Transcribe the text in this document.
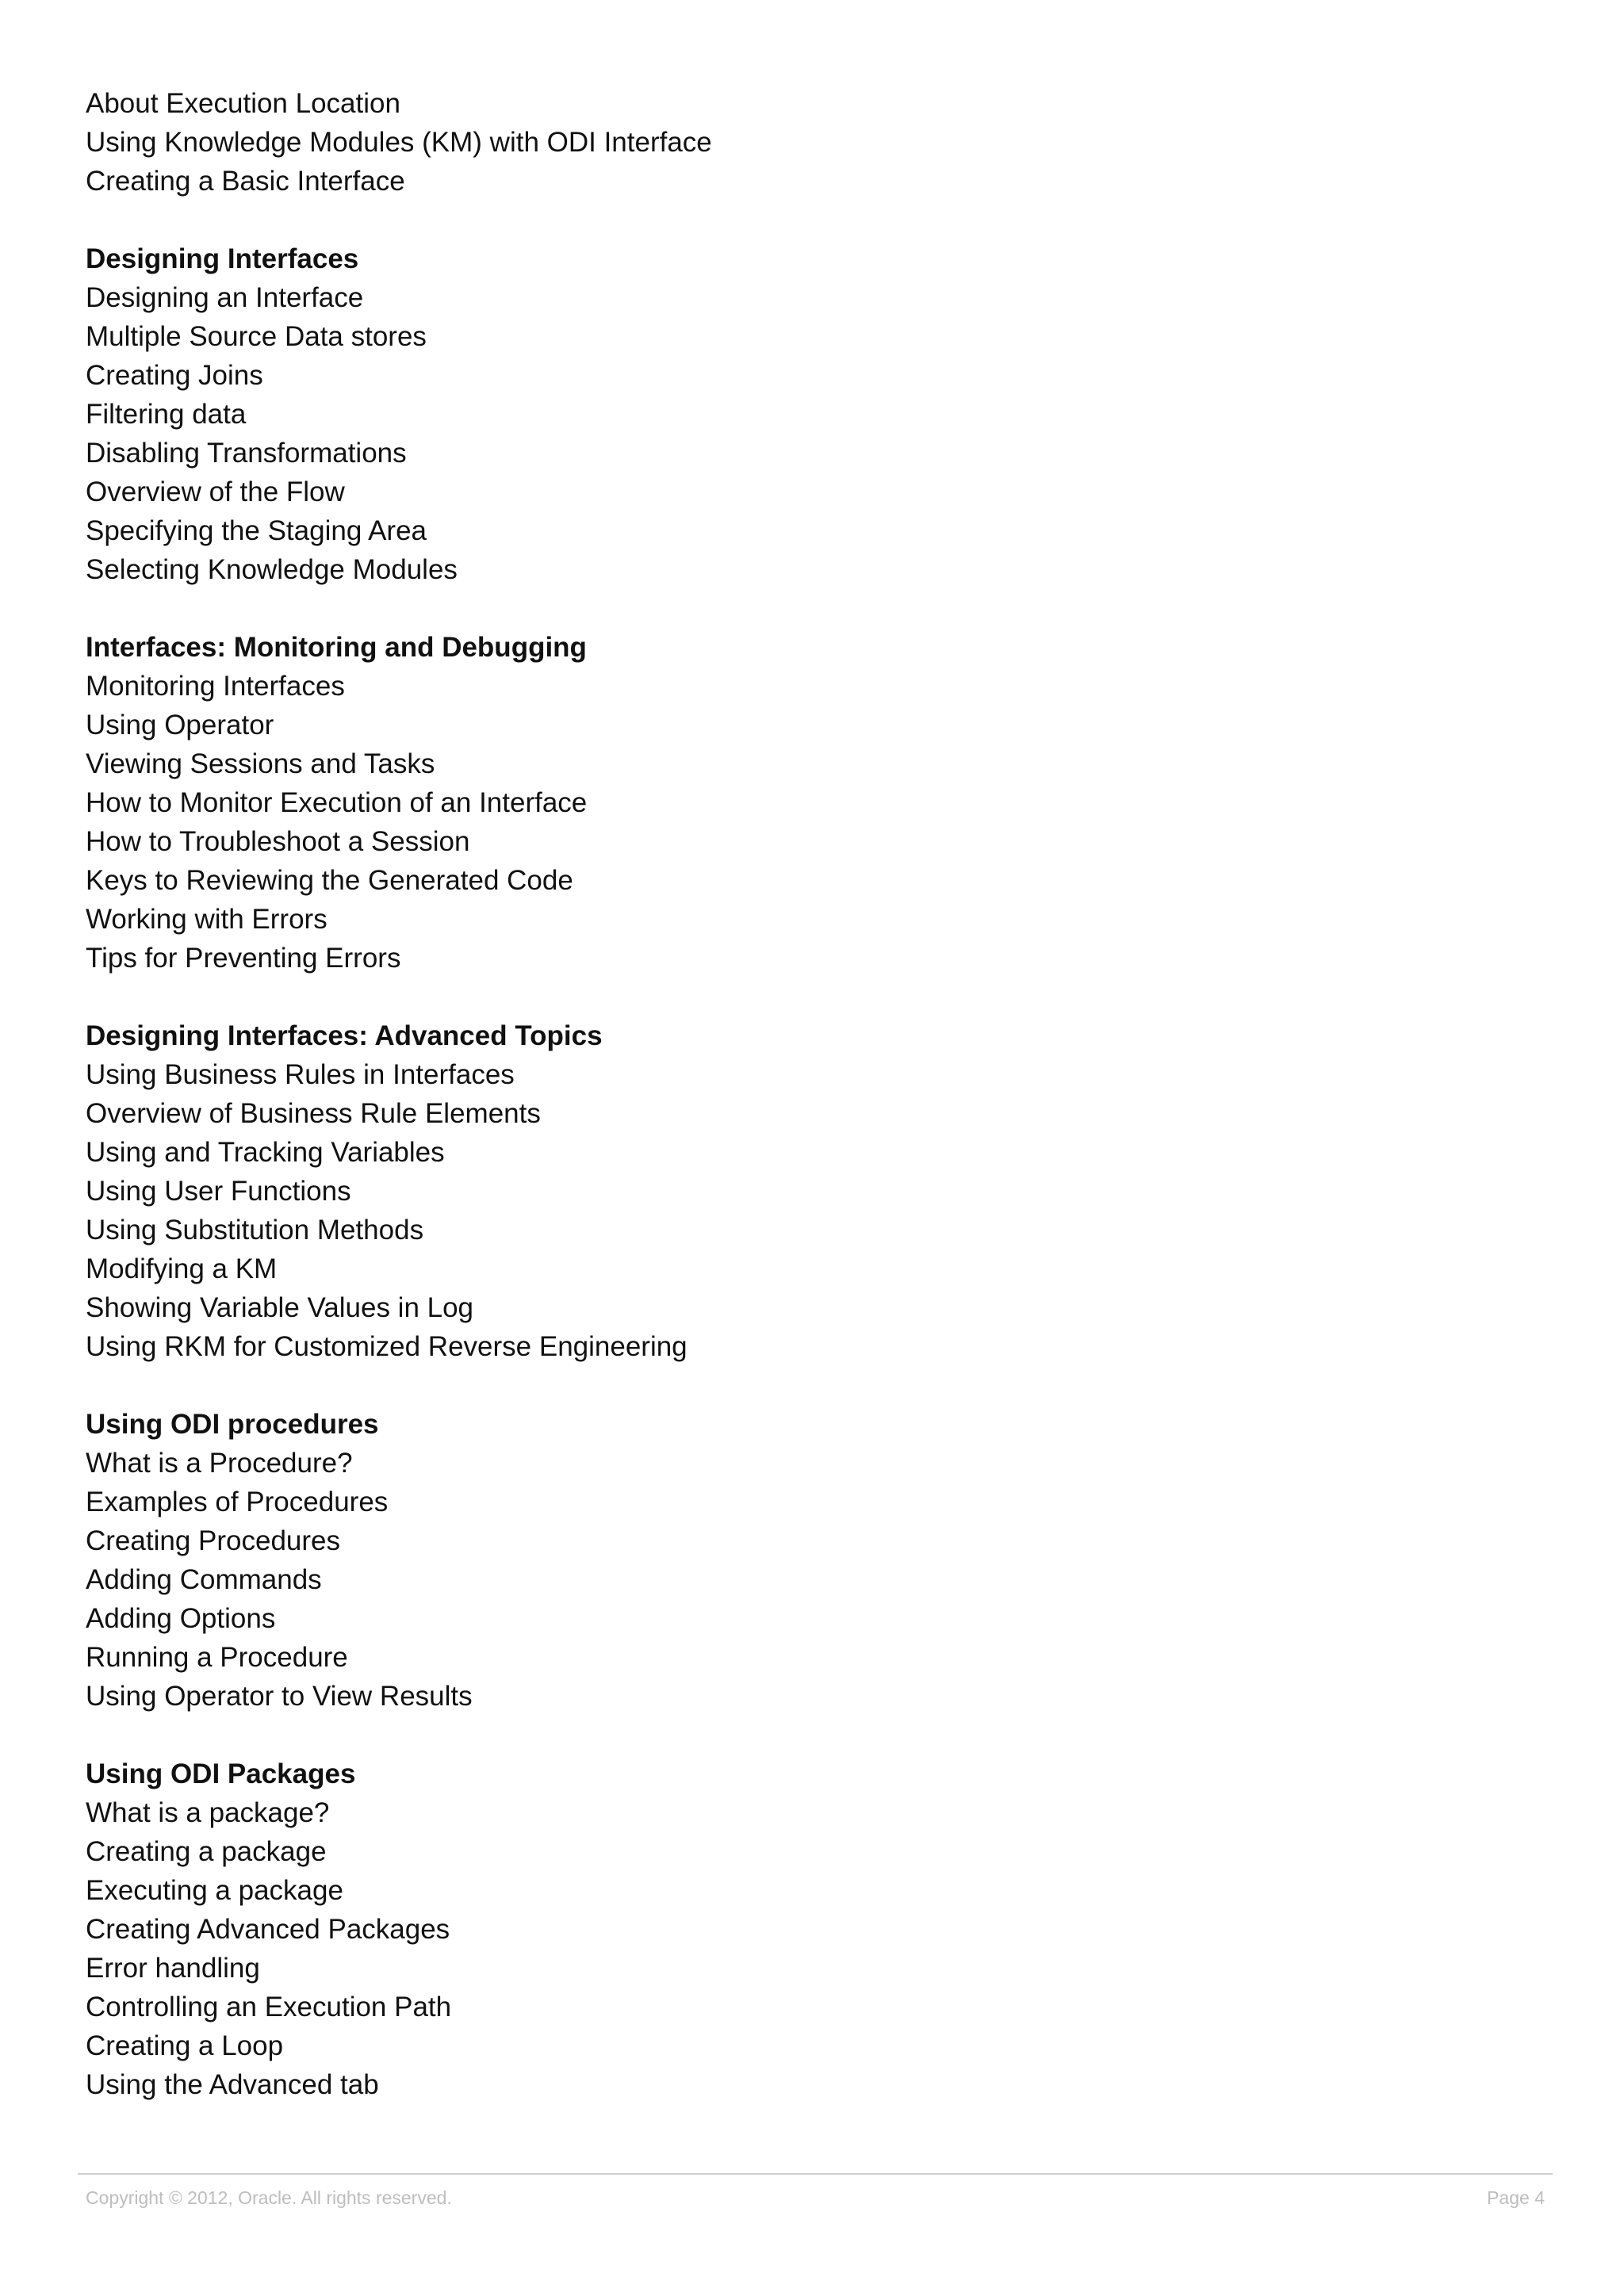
About Execution Location
Using Knowledge Modules (KM) with ODI Interface
Creating a Basic Interface
Designing Interfaces
Designing an Interface
Multiple Source Data stores
Creating Joins
Filtering data
Disabling Transformations
Overview of the Flow
Specifying the Staging Area
Selecting Knowledge Modules
Interfaces: Monitoring and Debugging
Monitoring Interfaces
Using Operator
Viewing Sessions and Tasks
How to Monitor Execution of an Interface
How to Troubleshoot a Session
Keys to Reviewing the Generated Code
Working with Errors
Tips for Preventing Errors
Designing Interfaces: Advanced Topics
Using Business Rules in Interfaces
Overview of Business Rule Elements
Using and Tracking Variables
Using User Functions
Using Substitution Methods
Modifying a KM
Showing Variable Values in Log
Using RKM for Customized Reverse Engineering
Using ODI procedures
What is a Procedure?
Examples of Procedures
Creating Procedures
Adding Commands
Adding Options
Running a Procedure
Using Operator to View Results
Using ODI Packages
What is a package?
Creating a package
Executing a package
Creating Advanced Packages
Error handling
Controlling an Execution Path
Creating a Loop
Using the Advanced tab
Copyright © 2012, Oracle. All rights reserved.	Page 4
